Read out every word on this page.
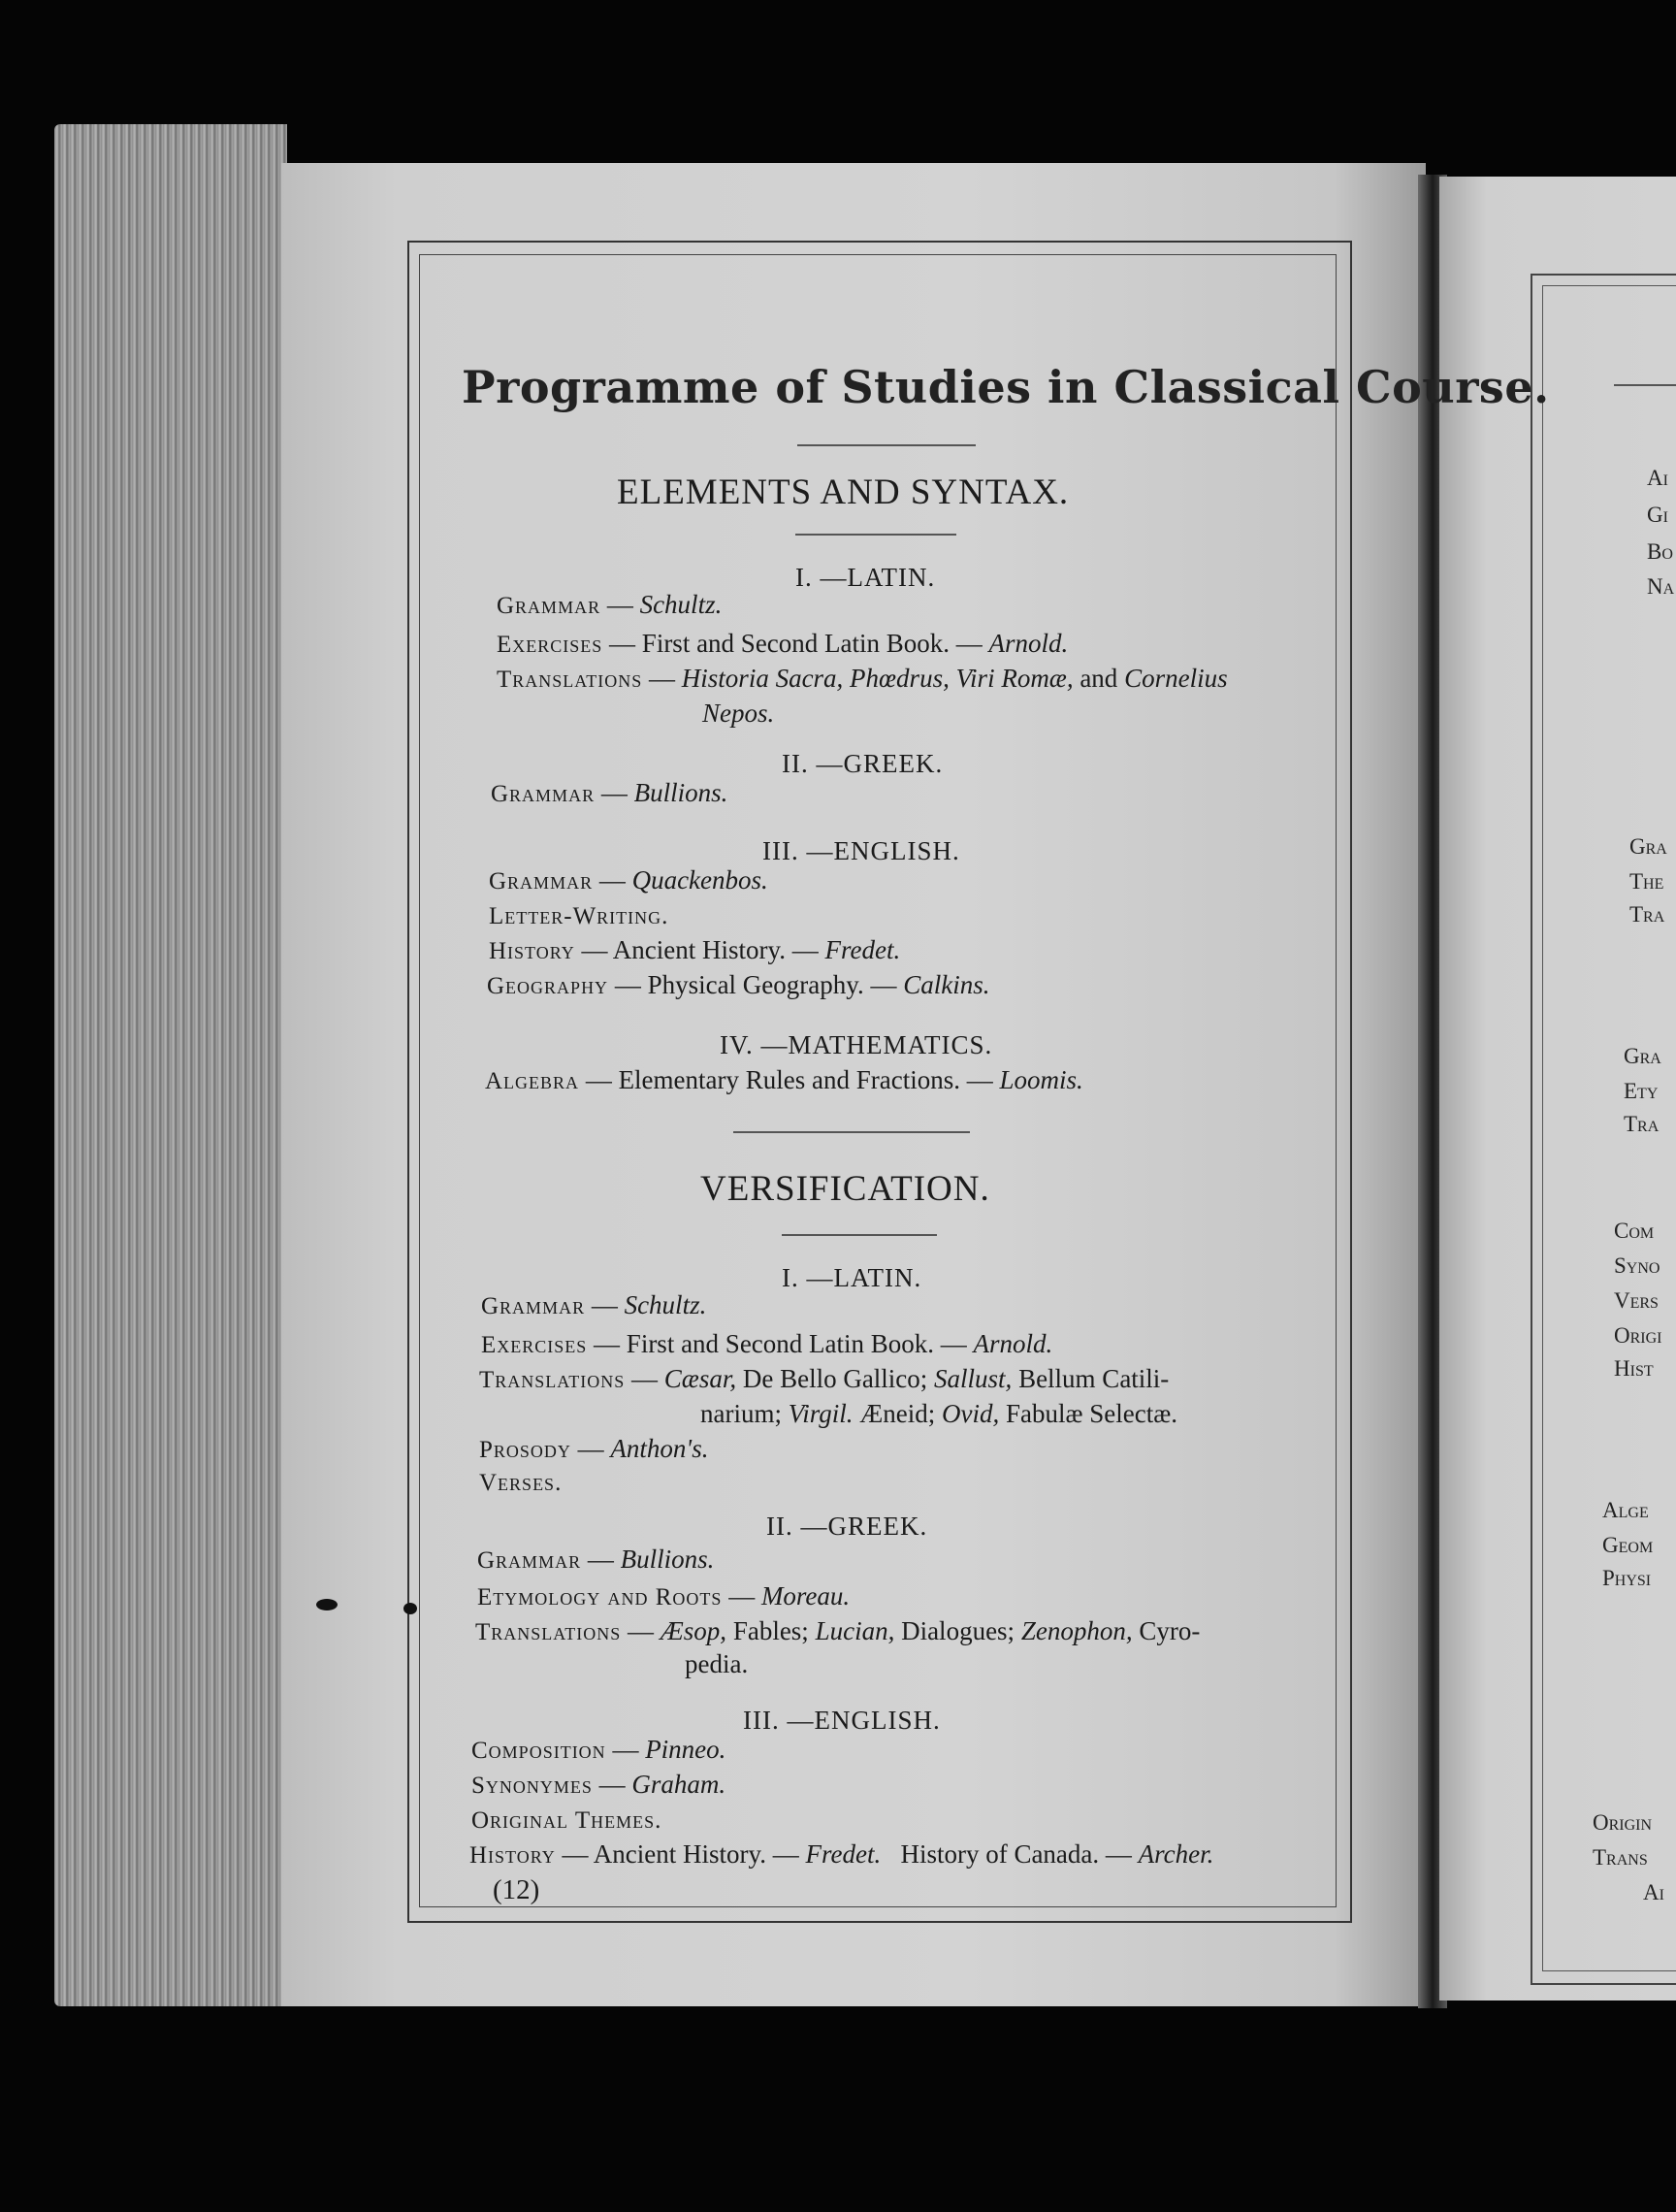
Ai
Gi
Bo
Na
Gra
The
Tra
Gra
Ety
Tra
Com
Syno
Vers
Origi
Hist
Alge
Geom
Physi
Origin
Trans
Ai
Programme of Studies in Classical Course.
ELEMENTS AND SYNTAX.
I. —LATIN.
Grammar — Schultz.
Exercises — First and Second Latin Book. — Arnold.
Translations — Historia Sacra, Phœdrus, Viri Romæ, and Cornelius
Nepos.
II. —GREEK.
Grammar — Bullions.
III. —ENGLISH.
Grammar — Quackenbos.
Letter-Writing.
History — Ancient History. — Fredet.
Geography — Physical Geography. — Calkins.
IV. —MATHEMATICS.
Algebra — Elementary Rules and Fractions. — Loomis.
VERSIFICATION.
I. —LATIN.
Grammar — Schultz.
Exercises — First and Second Latin Book. — Arnold.
Translations — Cæsar, De Bello Gallico; Sallust, Bellum Catili-
narium; Virgil. Æneid; Ovid, Fabulæ Selectæ.
Prosody — Anthon's.
Verses.
II. —GREEK.
Grammar — Bullions.
Etymology and Roots — Moreau.
Translations — Æsop, Fables; Lucian, Dialogues; Zenophon, Cyro-
pedia.
III. —ENGLISH.
Composition — Pinneo.
Synonymes — Graham.
Original Themes.
History — Ancient History. — Fredet. History of Canada. — Archer.
(12)
